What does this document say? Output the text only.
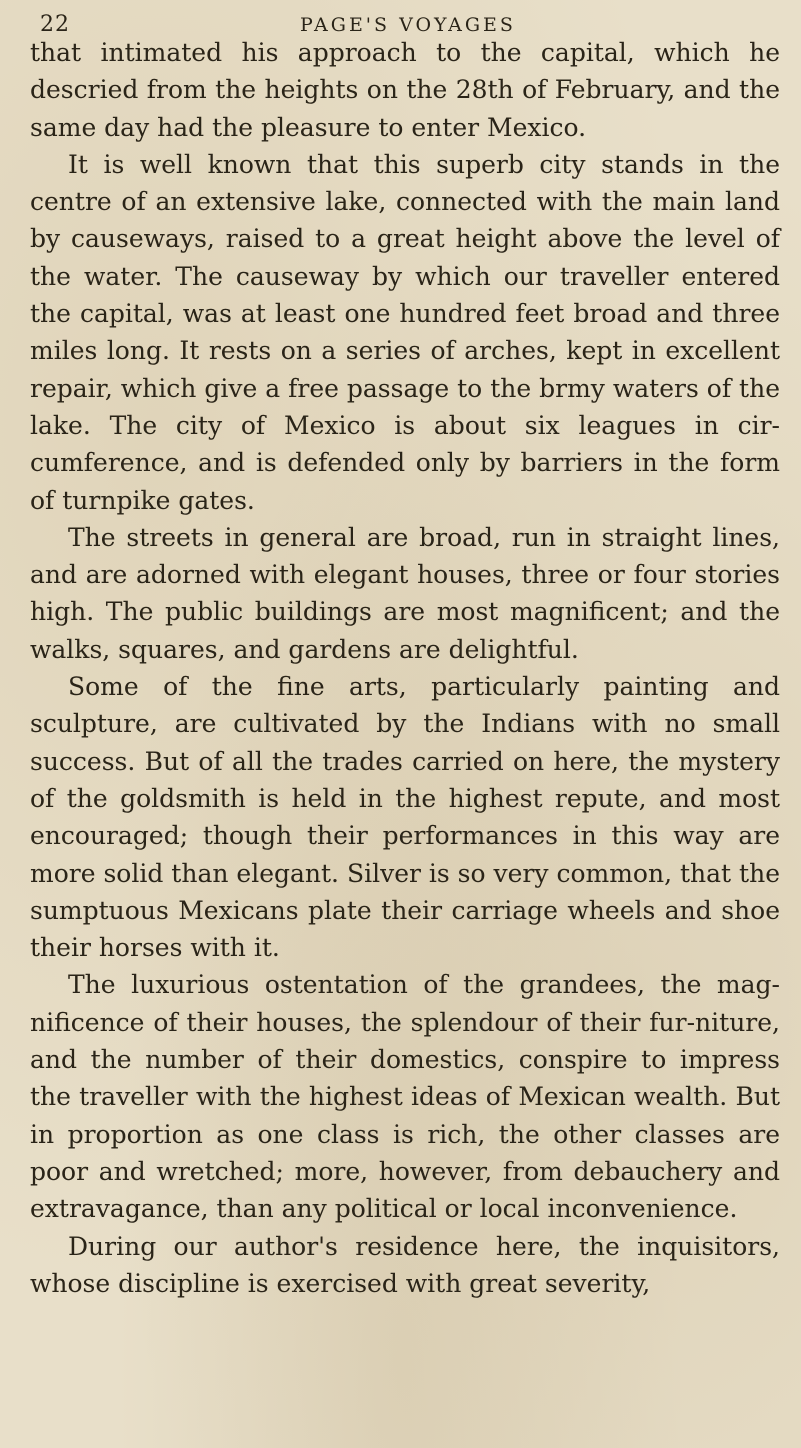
22	PAGE'S VOYAGES

that intimated his approach to the capital, which he descried from the heights on the 28th of February, and the same day had the pleasure to enter Mexico.

It is well known that this superb city stands in the centre of an extensive lake, connected with the main land by causeways, raised to a great height above the level of the water. The causeway by which our traveller entered the capital, was at least one hundred feet broad and three miles long. It rests on a series of arches, kept in excellent repair, which give a free passage to the brmy waters of the lake. The city of Mexico is about six leagues in cir-cumference, and is defended only by barriers in the form of turnpike gates.

The streets in general are broad, run in straight lines, and are adorned with elegant houses, three or four stories high. The public buildings are most magnificent; and the walks, squares, and gardens are delightful.

Some of the fine arts, particularly painting and sculpture, are cultivated by the Indians with no small success. But of all the trades carried on here, the mystery of the goldsmith is held in the highest repute, and most encouraged; though their performances in this way are more solid than elegant. Silver is so very common, that the sumptuous Mexicans plate their carriage wheels and shoe their horses with it.

The luxurious ostentation of the grandees, the mag-nificence of their houses, the splendour of their fur-niture, and the number of their domestics, conspire to impress the traveller with the highest ideas of Mexican wealth. But in proportion as one class is rich, the other classes are poor and wretched; more, however, from debauchery and extravagance, than any political or local inconvenience.

During our author's residence here, the inquisitors, whose discipline is exercised with great severity,
